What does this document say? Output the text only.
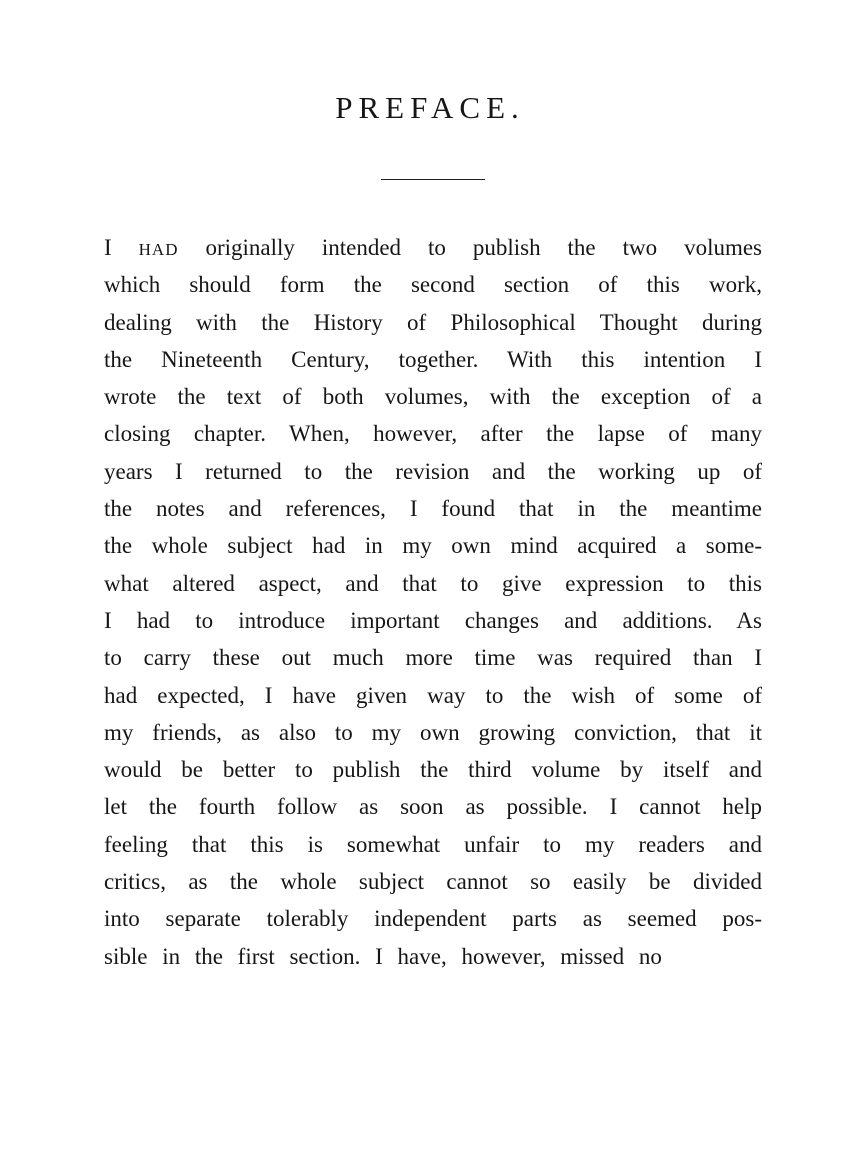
PREFACE.
I HAD originally intended to publish the two volumes
which should form the second section of this work,
dealing with the History of Philosophical Thought during
the Nineteenth Century, together. With this intention I
wrote the text of both volumes, with the exception of a
closing chapter. When, however, after the lapse of many
years I returned to the revision and the working up of
the notes and references, I found that in the meantime
the whole subject had in my own mind acquired a some-
what altered aspect, and that to give expression to this
I had to introduce important changes and additions. As
to carry these out much more time was required than I
had expected, I have given way to the wish of some of
my friends, as also to my own growing conviction, that it
would be better to publish the third volume by itself and
let the fourth follow as soon as possible. I cannot help
feeling that this is somewhat unfair to my readers and
critics, as the whole subject cannot so easily be divided
into separate tolerably independent parts as seemed pos-
sible in the first section. I have, however, missed no
